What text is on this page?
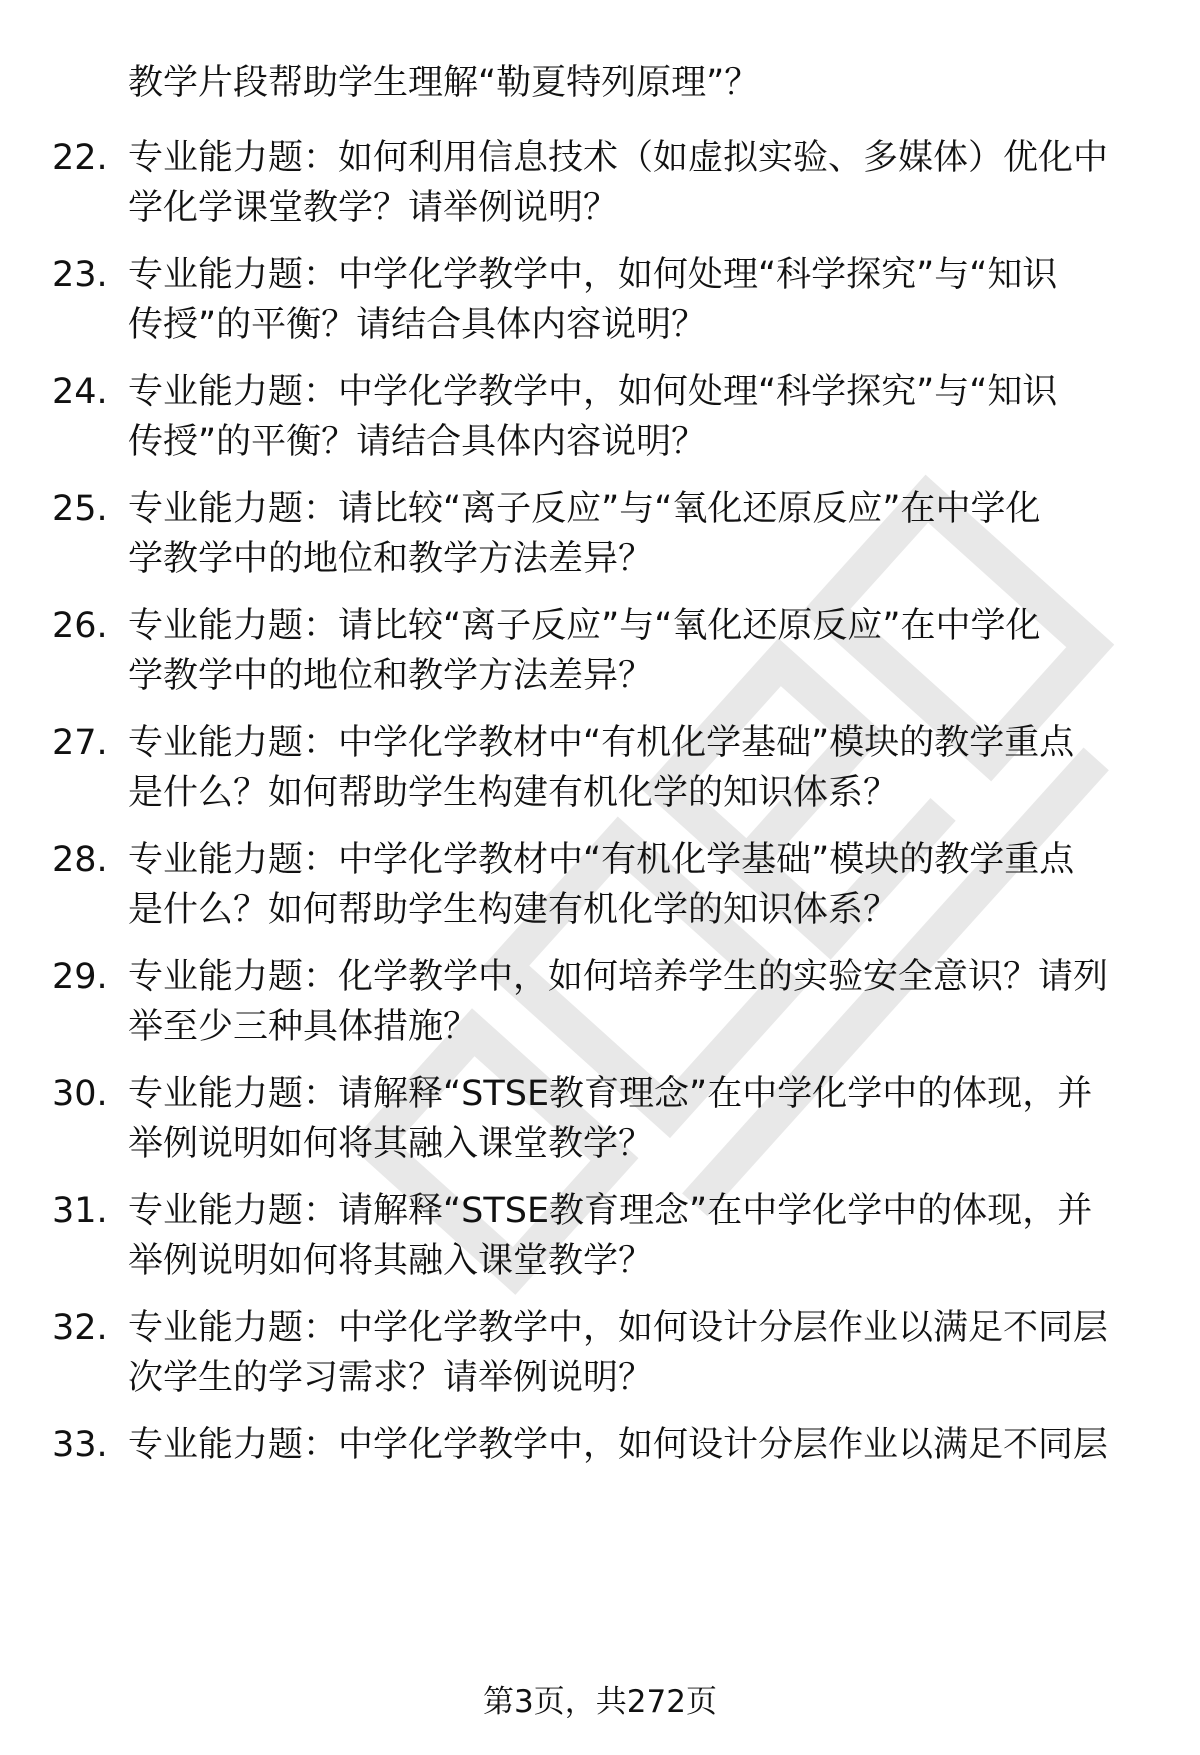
教学片段帮助学生理解“勒夏特列原理”？
22. 专业能力题：如何利用信息技术（如虚拟实验、多媒体）优化中
学化学课堂教学？请举例说明？
23. 专业能力题：中学化学教学中，如何处理“科学探究”与“知识
传授”的平衡？请结合具体内容说明？
24. 专业能力题：中学化学教学中，如何处理“科学探究”与“知识
传授”的平衡？请结合具体内容说明？
25. 专业能力题：请比较“离子反应”与“氧化还原反应”在中学化
学教学中的地位和教学方法差异？
26. 专业能力题：请比较“离子反应”与“氧化还原反应”在中学化
学教学中的地位和教学方法差异？
27. 专业能力题：中学化学教材中“有机化学基础”模块的教学重点
是什么？如何帮助学生构建有机化学的知识体系？
28. 专业能力题：中学化学教材中“有机化学基础”模块的教学重点
是什么？如何帮助学生构建有机化学的知识体系？
29. 专业能力题：化学教学中，如何培养学生的实验安全意识？请列
举至少三种具体措施？
30. 专业能力题：请解释“STSE教育理念”在中学化学中的体现，并
举例说明如何将其融入课堂教学？
31. 专业能力题：请解释“STSE教育理念”在中学化学中的体现，并
举例说明如何将其融入课堂教学？
32. 专业能力题：中学化学教学中，如何设计分层作业以满足不同层
次学生的学习需求？请举例说明？
33. 专业能力题：中学化学教学中，如何设计分层作业以满足不同层
第3页，共272页
